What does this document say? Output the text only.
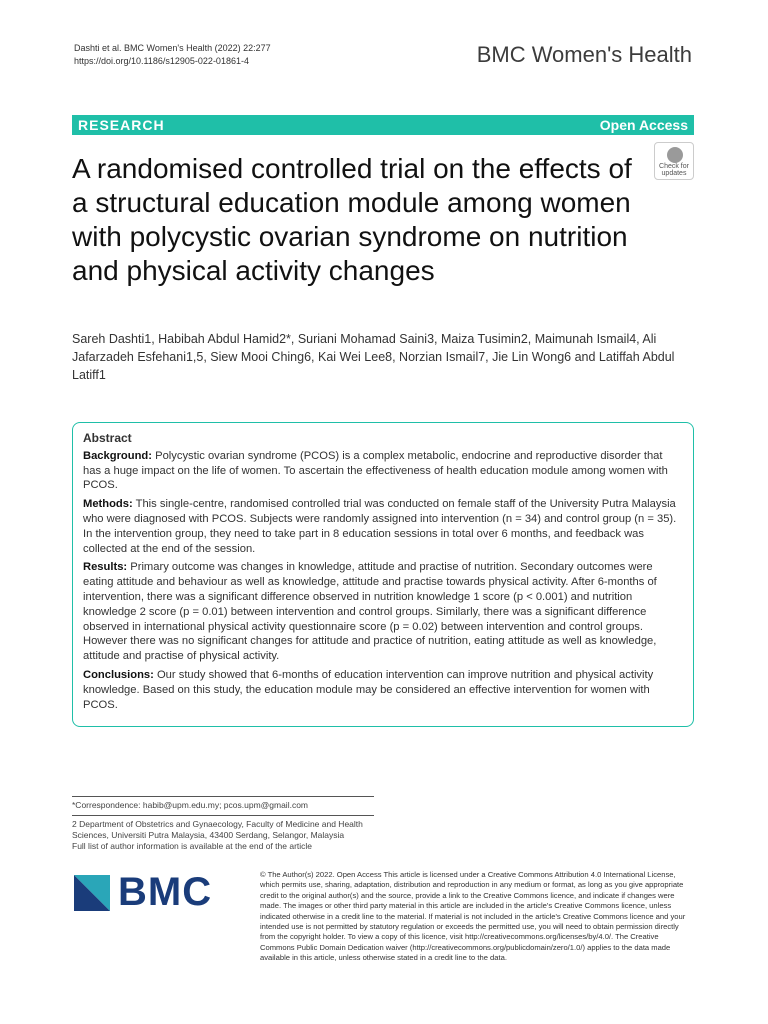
Dashti et al. BMC Women's Health (2022) 22:277
https://doi.org/10.1186/s12905-022-01861-4	BMC Women's Health
RESEARCH	Open Access
Check for updates
A randomised controlled trial on the effects of a structural education module among women with polycystic ovarian syndrome on nutrition and physical activity changes
Sareh Dashti1, Habibah Abdul Hamid2*, Suriani Mohamad Saini3, Maiza Tusimin2, Maimunah Ismail4, Ali Jafarzadeh Esfehani1,5, Siew Mooi Ching6, Kai Wei Lee8, Norzian Ismail7, Jie Lin Wong6 and Latiffah Abdul Latiff1
Abstract

Background: Polycystic ovarian syndrome (PCOS) is a complex metabolic, endocrine and reproductive disorder that has a huge impact on the life of women. To ascertain the effectiveness of health education module among women with PCOS.

Methods: This single-centre, randomised controlled trial was conducted on female staff of the University Putra Malaysia who were diagnosed with PCOS. Subjects were randomly assigned into intervention (n = 34) and control group (n = 35). In the intervention group, they need to take part in 8 education sessions in total over 6 months, and feedback was collected at the end of the session.

Results: Primary outcome was changes in knowledge, attitude and practise of nutrition. Secondary outcomes were eating attitude and behaviour as well as knowledge, attitude and practise towards physical activity. After 6-months of intervention, there was a significant difference observed in nutrition knowledge 1 score (p < 0.001) and nutrition knowledge 2 score (p = 0.01) between intervention and control groups. Similarly, there was a significant difference observed in international physical activity questionnaire score (p = 0.02) between intervention and control groups. However there was no significant changes for attitude and practice of nutrition, eating attitude as well as knowledge, attitude and practise of physical activity.

Conclusions: Our study showed that 6-months of education intervention can improve nutrition and physical activity knowledge. Based on this study, the education module may be considered an effective intervention for women with PCOS.

*Correspondence: habib@upm.edu.my; pcos.upm@gmail.com
2 Department of Obstetrics and Gynaecology, Faculty of Medicine and Health Sciences, Universiti Putra Malaysia, 43400 Serdang, Selangor, Malaysia
Full list of author information is available at the end of the article
BMC	© The Author(s) 2022. Open Access This article is licensed under a Creative Commons Attribution 4.0 International License, which permits use, sharing, adaptation, distribution and reproduction in any medium or format, as long as you give appropriate credit to the original author(s) and the source, provide a link to the Creative Commons licence, and indicate if changes were made. The images or other third party material in this article are included in the article's Creative Commons licence, unless indicated otherwise in a credit line to the material. If material is not included in the article's Creative Commons licence and your intended use is not permitted by statutory regulation or exceeds the permitted use, you will need to obtain permission directly from the copyright holder. To view a copy of this licence, visit http://creativecommons.org/licenses/by/4.0/. The Creative Commons Public Domain Dedication waiver (http://creativecommons.org/publicdomain/zero/1.0/) applies to the data made available in this article, unless otherwise stated in a credit line to the data.
